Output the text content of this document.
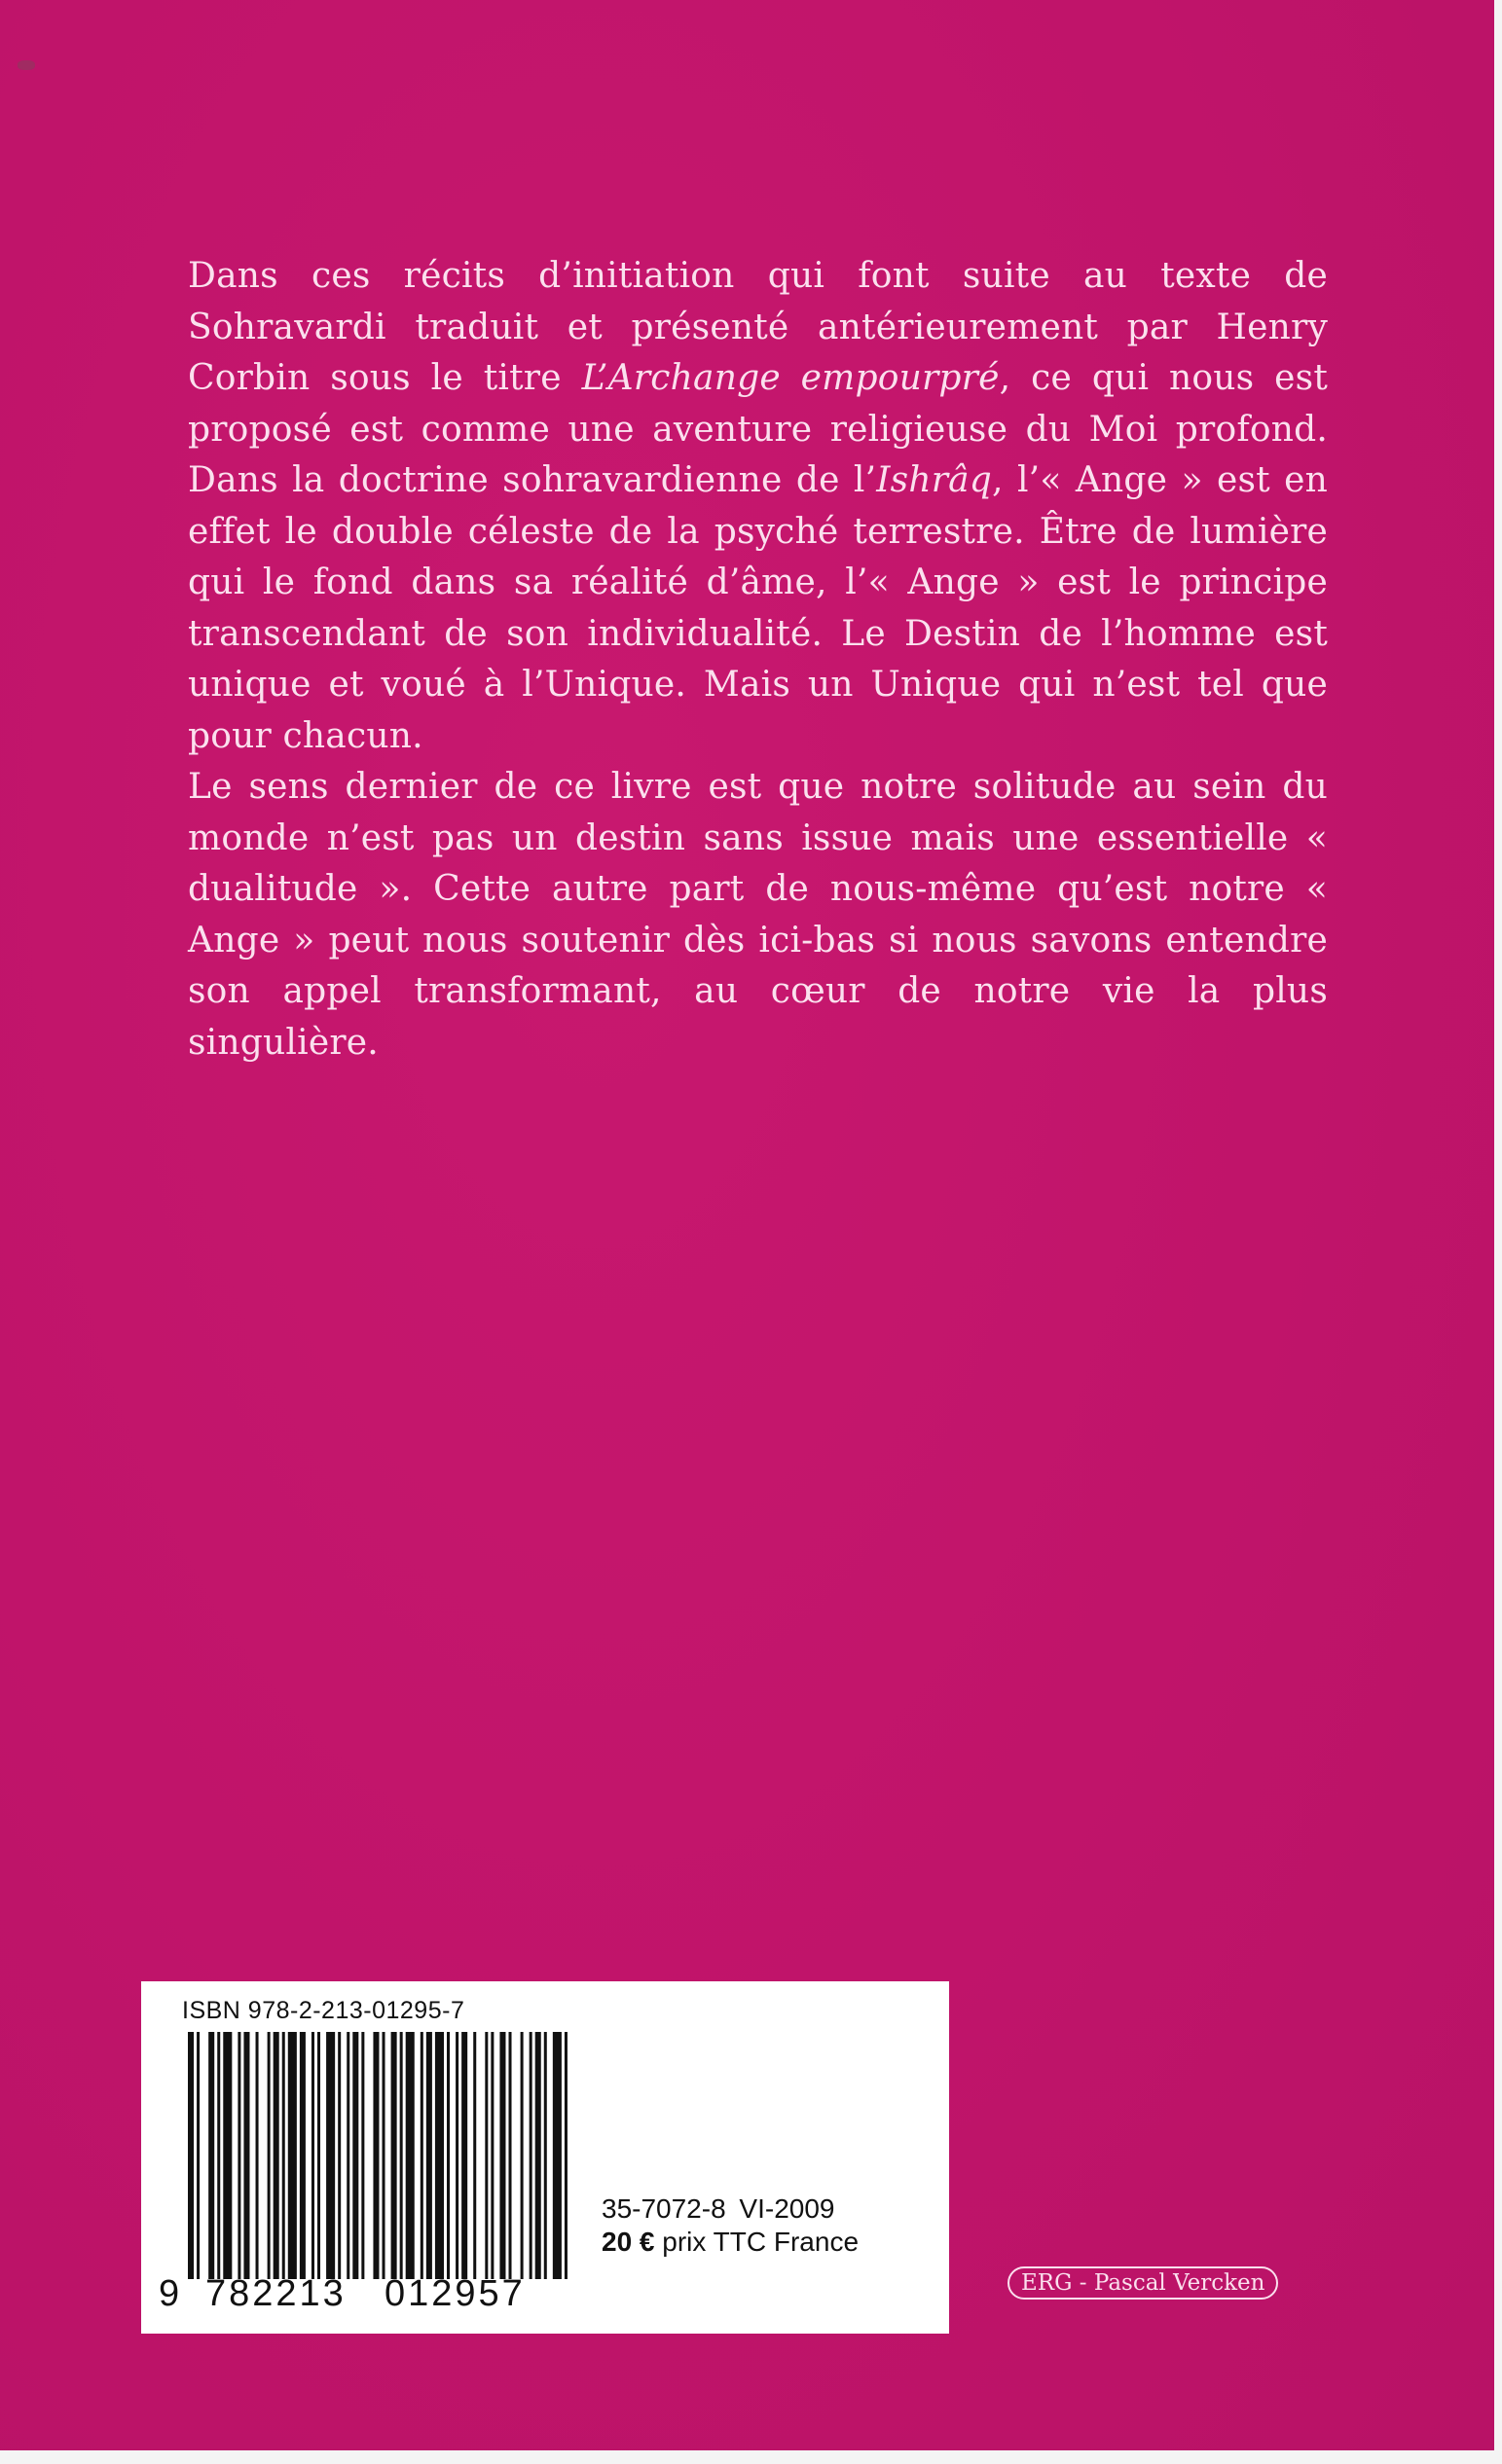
Dans ces récits d’initiation qui font suite au texte de Sohravardi traduit et présenté antérieurement par Henry Corbin sous le titre L’Archange empourpré, ce qui nous est proposé est comme une aventure religieuse du Moi profond. Dans la doctrine sohravardienne de l’Ishrâq, l’« Ange » est en effet le double céleste de la psyché terrestre. Être de lumière qui le fond dans sa réalité d’âme, l’« Ange » est le principe transcendant de son individualité. Le Destin de l’homme est unique et voué à l’Unique. Mais un Unique qui n’est tel que pour chacun.

Le sens dernier de ce livre est que notre solitude au sein du monde n’est pas un destin sans issue mais une essentielle « dualitude ». Cette autre part de nous-même qu’est notre « Ange » peut nous soutenir dès ici-bas si nous savons entendre son appel transformant, au cœur de notre vie la plus singulière.

ISBN 978-2-213-01295-7
9 782213 012957
35-7072-8 VI-2009
20 € prix TTC France
ERG - Pascal Vercken
